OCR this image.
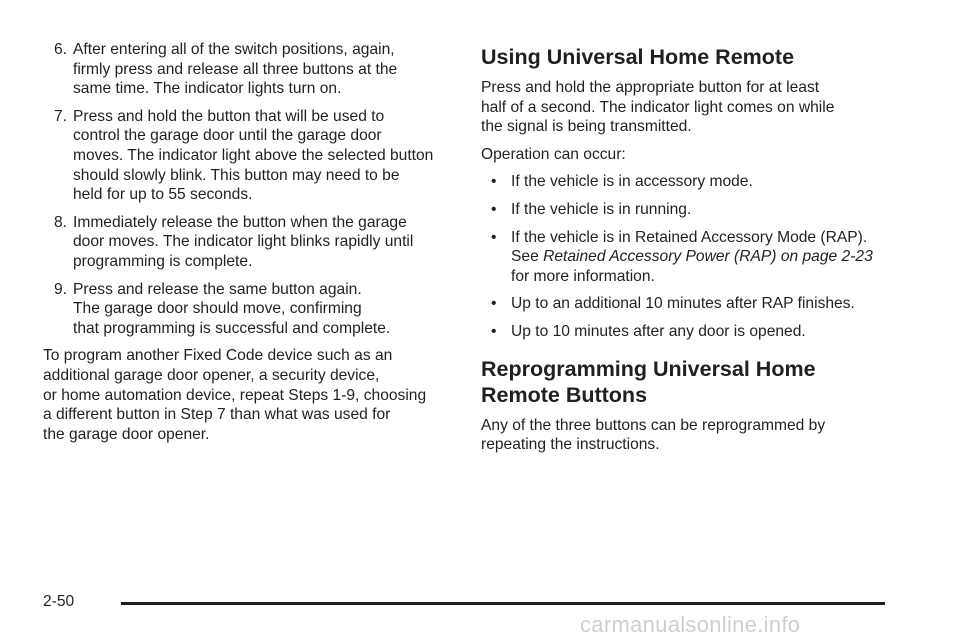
6. After entering all of the switch positions, again,
firmly press and release all three buttons at the
same time. The indicator lights turn on.
7. Press and hold the button that will be used to
control the garage door until the garage door
moves. The indicator light above the selected button
should slowly blink. This button may need to be
held for up to 55 seconds.
8. Immediately release the button when the garage
door moves. The indicator light blinks rapidly until
programming is complete.
9. Press and release the same button again.
The garage door should move, confirming
that programming is successful and complete.

To program another Fixed Code device such as an
additional garage door opener, a security device,
or home automation device, repeat Steps 1-9, choosing
a different button in Step 7 than what was used for
the garage door opener.

Using Universal Home Remote

Press and hold the appropriate button for at least
half of a second. The indicator light comes on while
the signal is being transmitted.

Operation can occur:

• If the vehicle is in accessory mode.
• If the vehicle is in running.
• If the vehicle is in Retained Accessory Mode (RAP).
See Retained Accessory Power (RAP) on page 2-23
for more information.
• Up to an additional 10 minutes after RAP finishes.
• Up to 10 minutes after any door is opened.
Reprogramming Universal Home
Remote Buttons

Any of the three buttons can be reprogrammed by
repeating the instructions.

2-50
carmanualsonline.info
